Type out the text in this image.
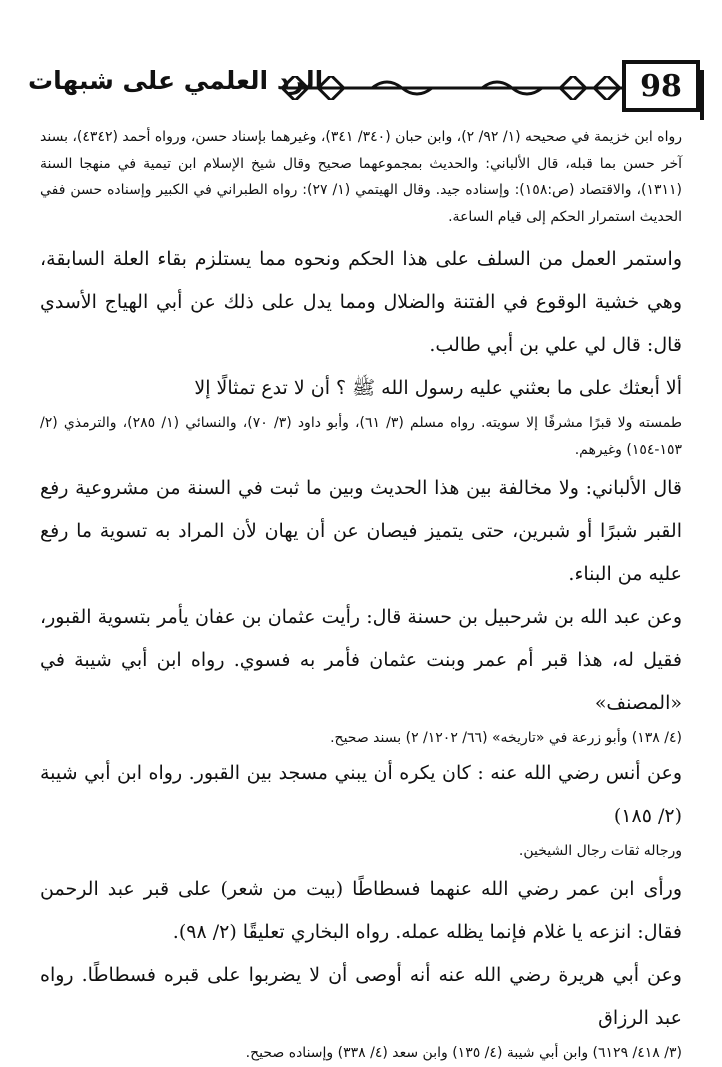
الرد العلمي على شبهات	98

رواه ابن خزيمة في صحيحه (١/ ٩٢/ ٢)، وابن حبان (٣٤٠/ ٣٤١)، وغيرهما بإسناد حسن، ورواه أحمد (٤٣٤٢)، بسند آخر حسن بما قبله، قال الألباني: والحديث بمجموعهما صحيح وقال شيخ الإسلام ابن تيمية في منهجا السنة (١٣١١)، والاقتصاد (ص:١٥٨): وإسناده جيد. وقال الهيتمي (١/ ٢٧): رواه الطبراني في الكبير وإسناده حسن ففي الحديث استمرار الحكم إلى قيام الساعة.

واستمر العمل من السلف على هذا الحكم ونحوه مما يستلزم بقاء العلة السابقة، وهي خشية الوقوع في الفتنة والضلال ومما يدل على ذلك عن أبي الهياج الأسدي قال: قال لي علي بن أبي طالب.

ألا أبعثك على ما بعثني عليه رسول الله ﷺ ؟ أن لا تدع تمثالًا إلا

طمسته ولا قبرًا مشرفًا إلا سويته. رواه مسلم (٣/ ٦١)، وأبو داود (٣/ ٧٠)، والنسائي (١/ ٢٨٥)، والترمذي (٢/ ١٥٣-١٥٤) وغيرهم.

قال الألباني: ولا مخالفة بين هذا الحديث وبين ما ثبت في السنة من مشروعية رفع القبر شبرًا أو شبرين، حتى يتميز فيصان عن أن يهان لأن المراد به تسوية ما رفع عليه من البناء.

وعن عبد الله بن شرحبيل بن حسنة قال: رأيت عثمان بن عفان يأمر بتسوية القبور، فقيل له، هذا قبر أم عمر وبنت عثمان فأمر به فسوي. رواه ابن أبي شيبة في «المصنف»

(٤/ ١٣٨) وأبو زرعة في «تاريخه» (٦٦/ ١٢٠٢/ ٢) بسند صحيح.

وعن أنس رضي الله عنه : كان يكره أن يبني مسجد بين القبور. رواه ابن أبي شيبة (٢/ ١٨٥)

ورجاله ثقات رجال الشيخين.

ورأى ابن عمر رضي الله عنهما فسطاطًا (بيت من شعر) على قبر عبد الرحمن فقال: انزعه يا غلام فإنما يظله عمله. رواه البخاري تعليقًا (٢/ ٩٨).

وعن أبي هريرة رضي الله عنه أنه أوصى أن لا يضربوا على قبره فسطاطًا. رواه عبد الرزاق

(٣/ ٤١٨/ ٦١٢٩) وابن أبي شيبة (٤/ ١٣٥) وابن سعد (٤/ ٣٣٨) وإسناده صحيح.
